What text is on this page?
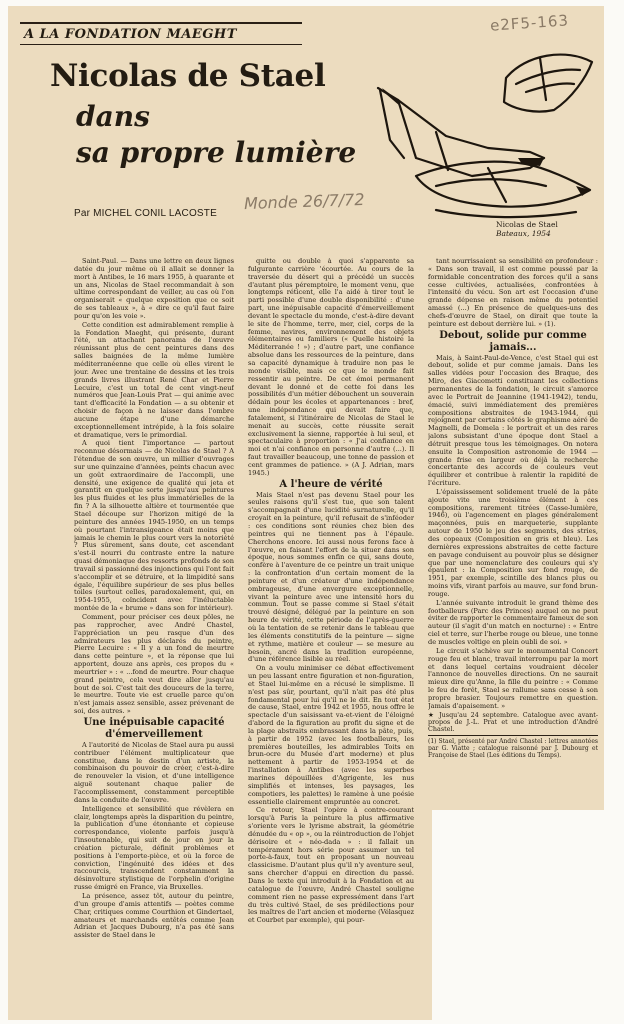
A LA FONDATION MAEGHT	e2F5-163
Nicolas de Stael
dans
sa propre lumière
Monde 26/7/72
Par MICHEL CONIL LACOSTE
Nicolas de Stael
Bateaux, 1954

Saint-Paul. — Dans une lettre en deux lignes datée du jour même où il allait se donner la mort à Antibes, le 16 mars 1955, à quarante et un ans, Nicolas de Stael recommandait à son ultime correspondant de veiller, au cas où l'on organiserait « quelque exposition que ce soit de ses tableaux », à « dire ce qu'il faut faire pour qu'on les voie ».

Cette condition est admirablement remplie à la Fondation Maeght, qui présente, durant l'été, un attachant panorama de l'œuvre réunissant plus de cent peintures dans des salles baignées de la même lumière méditerranéenne que celle où elles virent le jour. Avec une trentaine de dessins et les trois grands livres illustrant René Char et Pierre Lecuire, c'est un total de cent vingt-neuf numéros que Jean-Louis Prat — qui anime avec tant d'efficacité la Fondation — a su obtenir et choisir de façon à ne laisser dans l'ombre aucune étape d'une démarche exceptionnellement intrépide, à la fois solaire et dramatique, vers le primordial.

A quoi tient l'importance — partout reconnue désormais — de Nicolas de Stael ? A l'étendue de son œuvre, un millier d'ouvrages sur une quinzaine d'années, peints chacun avec un goût extraordinaire de l'accompli, une densité, une exigence de qualité qui jeta et garantit en quelque sorte jusqu'aux peintures les plus fluides et les plus immatérielles de la fin ? A la silhouette altière et tourmentée que Stael découpe sur l'horizon mitigé de la peinture des années 1945-1950, en un temps où pourtant l'intransigeance était moins que jamais le chemin le plus court vers la notoriété ? Plus sûrement, sans doute, cet ascendant s'est-il nourri du contraste entre la nature quasi démoniaque des ressorts profonds de son travail si passionné des injonctions qui l'ont fait s'accomplir et se détruire, et la limpidité sans égale, l'équilibre supérieur de ses plus belles toiles (surtout celles, paradoxalement, qui, en 1954-1955, coïncident avec l'inéluctable montée de la « brume » dans son for intérieur).

Comment, pour préciser ces deux pôles, ne pas rapprocher, avec André Chastel, l'appréciation un peu rasque d'un des admirateurs les plus déclarés du peintre, Pierre Lecuire : « Il y a un fond de meurtre dans cette peinture », et la réponse que lui apportent, douze ans après, ces propos du « meurtrier » : « ...fond de meurtre. Pour chaque grand peintre, cela veut dire aller jusqu'au bout de soi. C'est tait des douceurs de la terre, le meurtre. Toute vie est cruelle parce qu'on n'est jamais assez sensible, assez prévenant de soi, des autres. »

Une inépuisable capacité d'émerveillement

A l'autorité de Nicolas de Stael aura pu aussi contribuer l'élément multiplicateur que constitue, dans le destin d'un artiste, la combinaison du pouvoir de créer, c'est-à-dire de renouveler la vision, et d'une intelligence aiguë soutenant chaque palier de l'accomplissement, constamment perceptible dans la conduite de l'œuvre.

Intelligence et sensibilité que révèlera en clair, longtemps après la disparition du peintre, la publication d'une étonnante et copieuse correspondance, violente parfois jusqu'à l'insoutenable, qui suit de jour en jour la création picturale, définit problèmes et positions à l'emporte-pièce, et où la force de conviction, l'ingénuité des idées et des raccourcis, transcendent constamment la désinvolture stylistique de l'orphelin d'origine russe émigré en France, via Bruxelles.

La présence, assez tôt, autour du peintre, d'un groupe d'amis attentifs — poètes comme Char, critiques comme Courthion et Gindertael, amateurs et marchands entêtés comme Jean Adrian et Jacques Dubourg, n'a pas été sans assister de Stael dans le

quitte ou double à quoi s'apparente sa fulgurante carrière 'écourtée. Au cours de la traversée du désert qui a précédé un succès d'autant plus péremptoire, le moment venu, que longtemps réticent, elle l'a aidé à tirer tout le parti possible d'une double disponibilité : d'une part, une inépuisable capacité d'émerveillement devant le spectacle du monde, c'est-à-dire devant le site de l'homme, terre, mer, ciel, corps de la femme, navires, environnement des objets élémentaires ou familiers (« Quelle histoire la Méditerranée ! ») ; d'autre part, une confiance absolue dans les ressources de la peinture, dans sa capacité dynamique à traduire non pas le monde visible, mais ce que le monde fait ressentir au peintre. De cet émoi permanent devant le donné et de cette foi dans les possibilités d'un métier débouchent un souverain dédain pour les écoles et appartenances : bref, une indépendance qui devait faire que, fatalement, si l'itinéraire de Nicolas de Stael le menait au succès, cette réussite serait exclusivement la sienne, rapportée à lui seul, et spectaculaire à proportion : « J'ai confiance en moi et n'ai confiance en personne d'autre (...). Il faut travailler beaucoup, une tonne de passion et cent grammes de patience. » (A J. Adrian, mars 1945.)

A l'heure de vérité

Mais Stael n'est pas devenu Stael pour les seules raisons qu'il s'est tue, que son talent s'accompagnait d'une lucidité surnaturelle, qu'il croyait en la peinture, qu'il refusait de s'inféoder : ces conditions sont réunies chez bien des peintres qui ne tiennent pas à l'épaule. Cherchons encore. Ici aussi nous ferons face à l'œuvre, en faisant l'effort de la situer dans son époque, nous sommes enfin ce qui, sans doute, confère à l'aventure de ce peintre un trait unique : la confrontation d'un certain moment de la peinture et d'un créateur d'une indépendance ombrageuse, d'une envergure exceptionnelle, vivant la peinture avec une intensité hors du commun. Tout se passe comme si Stael s'était trouvé désigné, délégué par la peinture en son heure de vérité, cette période de l'après-guerre où la tentation de se retenir dans le tableau que les éléments constitutifs de la peinture — signe et rythme, matière et couleur — se mesure au besoin, ancré dans la tradition européenne, d'une référence lisible au réel.

On a voulu minimiser ce débat effectivement un peu lassant entre figuration et non-figuration, et Stael lui-même en a récusé le simplisme. Il n'est pas sûr, pourtant, qu'il n'ait pas été plus fondamental pour lui qu'il ne le dit. En tout état de cause, Stael, entre 1942 et 1955, nous offre le spectacle d'un saisissant va-et-vient de l'éloigné d'abord de la figuration au profit du signe et de la plage abstraits embrassant dans la pâte, puis, à partir de 1952 (avec les footballeurs, les premières bouteilles, les admirables Toits en brun-ocre du Musée d'art moderne) et plus nettement à partir de 1953-1954 et de l'installation à Antibes (avec les superbes marines dépouillées d'Agrigente, les nus simplifiés et intenses, les paysages, les compotiers, les palettes) le ramène à une poésie essentielle clairement empruntée au concret.

Ce retour, Stael l'opère à contre-courant lorsqu'à Paris la peinture la plus affirmative s'oriente vers le lyrisme abstrait, la géométrie dénudée du « op », ou la réintroduction de l'objet dérisoire et « néo-dada » : il fallait un tempérament hors série pour assumer un tel porte-à-faux, tout en proposant un nouveau classicisme. D'autant plus qu'il n'y aventure seul, sans chercher d'appui en direction du passé. Dans le texte qui introduit à la Fondation et au catalogue de l'œuvre, André Chastel souligne comment rien ne passe expressément dans l'art du très cultivé Stael, de ses prédilections pour les maîtres de l'art ancien et moderne (Vélasquez et Courbet par exemple), qui pour-

tant nourrissaient sa sensibilité en profondeur : « Dans son travail, il est comme poussé par la formidable concentration des forces qu'il a sans cesse cultivées, actualisées, confrontées à l'intensité du vécu. Son art est l'occasion d'une grande dépense en raison même du potentiel amassé (...) En présence de quelques-uns des chefs-d'œuvre de Stael, on dirait que toute la peinture est debout derrière lui. » (1).

Debout, solide pur comme jamais...

Mais, à Saint-Paul-de-Vence, c'est Stael qui est debout, solide et pur comme jamais. Dans les salles vidées pour l'occasion des Braque, des Miro, des Giacometti constituant les collections permanentes de la fondation, le circuit s'amorce avec le Portrait de Jeannine (1941-1942), tendu, émacié, suivi immédiatement des premières compositions abstraites de 1943-1944, qui rejoignent par certains côtés le graphisme aéré de Magnelli, de Domela : le portrait et un des rares jalons subsistant d'une époque dont Stael a détruit presque tous les témoignages. On notera ensuite la Composition astronomie de 1944 — grande frise en largeur où déjà la recherche concertante des accords de couleurs veut équilibrer et contribue à ralentir la rapidité de l'écriture.

L'épaississement solidement truelé de la pâte ajoute vite une troisième élément à ces compositions, rarement titrées (Casse-lumière, 1946), où l'agencement en plages généralement maçonnées, puis en marqueterie, supplante autour de 1950 le jeu des segments, des stries, des copeaux (Composition en gris et bleu). Les dernières expressions abstraites de cette facture en pavage conduisent au pouvoir plus se désigner que par une nomenclature des couleurs qui s'y épaulent : la Composition sur fond rouge, de 1951, par exemple, scintille des blancs plus ou moins vifs, virant parfois au mauve, sur fond brun-rouge.

L'année suivante introduit le grand thème des footballeurs (Parc des Princes) auquel on ne peut éviter de rapporter le commentaire fameux de son auteur (il s'agit d'un match en nocturne) : « Entre ciel et terre, sur l'herbe rouge ou bleue, une tonne de muscles voltige en plein oubli de soi. »

Le circuit s'achève sur le monumental Concert rouge feu et blanc, travail interrompu par la mort et dans lequel certains voudraient déceler l'annonce de nouvelles directions. On ne saurait mieux dire qu'Anne, la fille du peintre : « Comme le feu de forêt, Stael se rallume sans cesse à son propre brasier. Toujours remettre en question. Jamais d'apaisement. »

★ Jusqu'au 24 septembre. Catalogue avec avant-propos de J.-L. Prat et une introduction d'André Chastel.

(1) Stael, présenté par André Chastel : lettres annotées par G. Viatte ; catalogue raisonné par J. Dubourg et Françoise de Stael (Les éditions du Temps).
